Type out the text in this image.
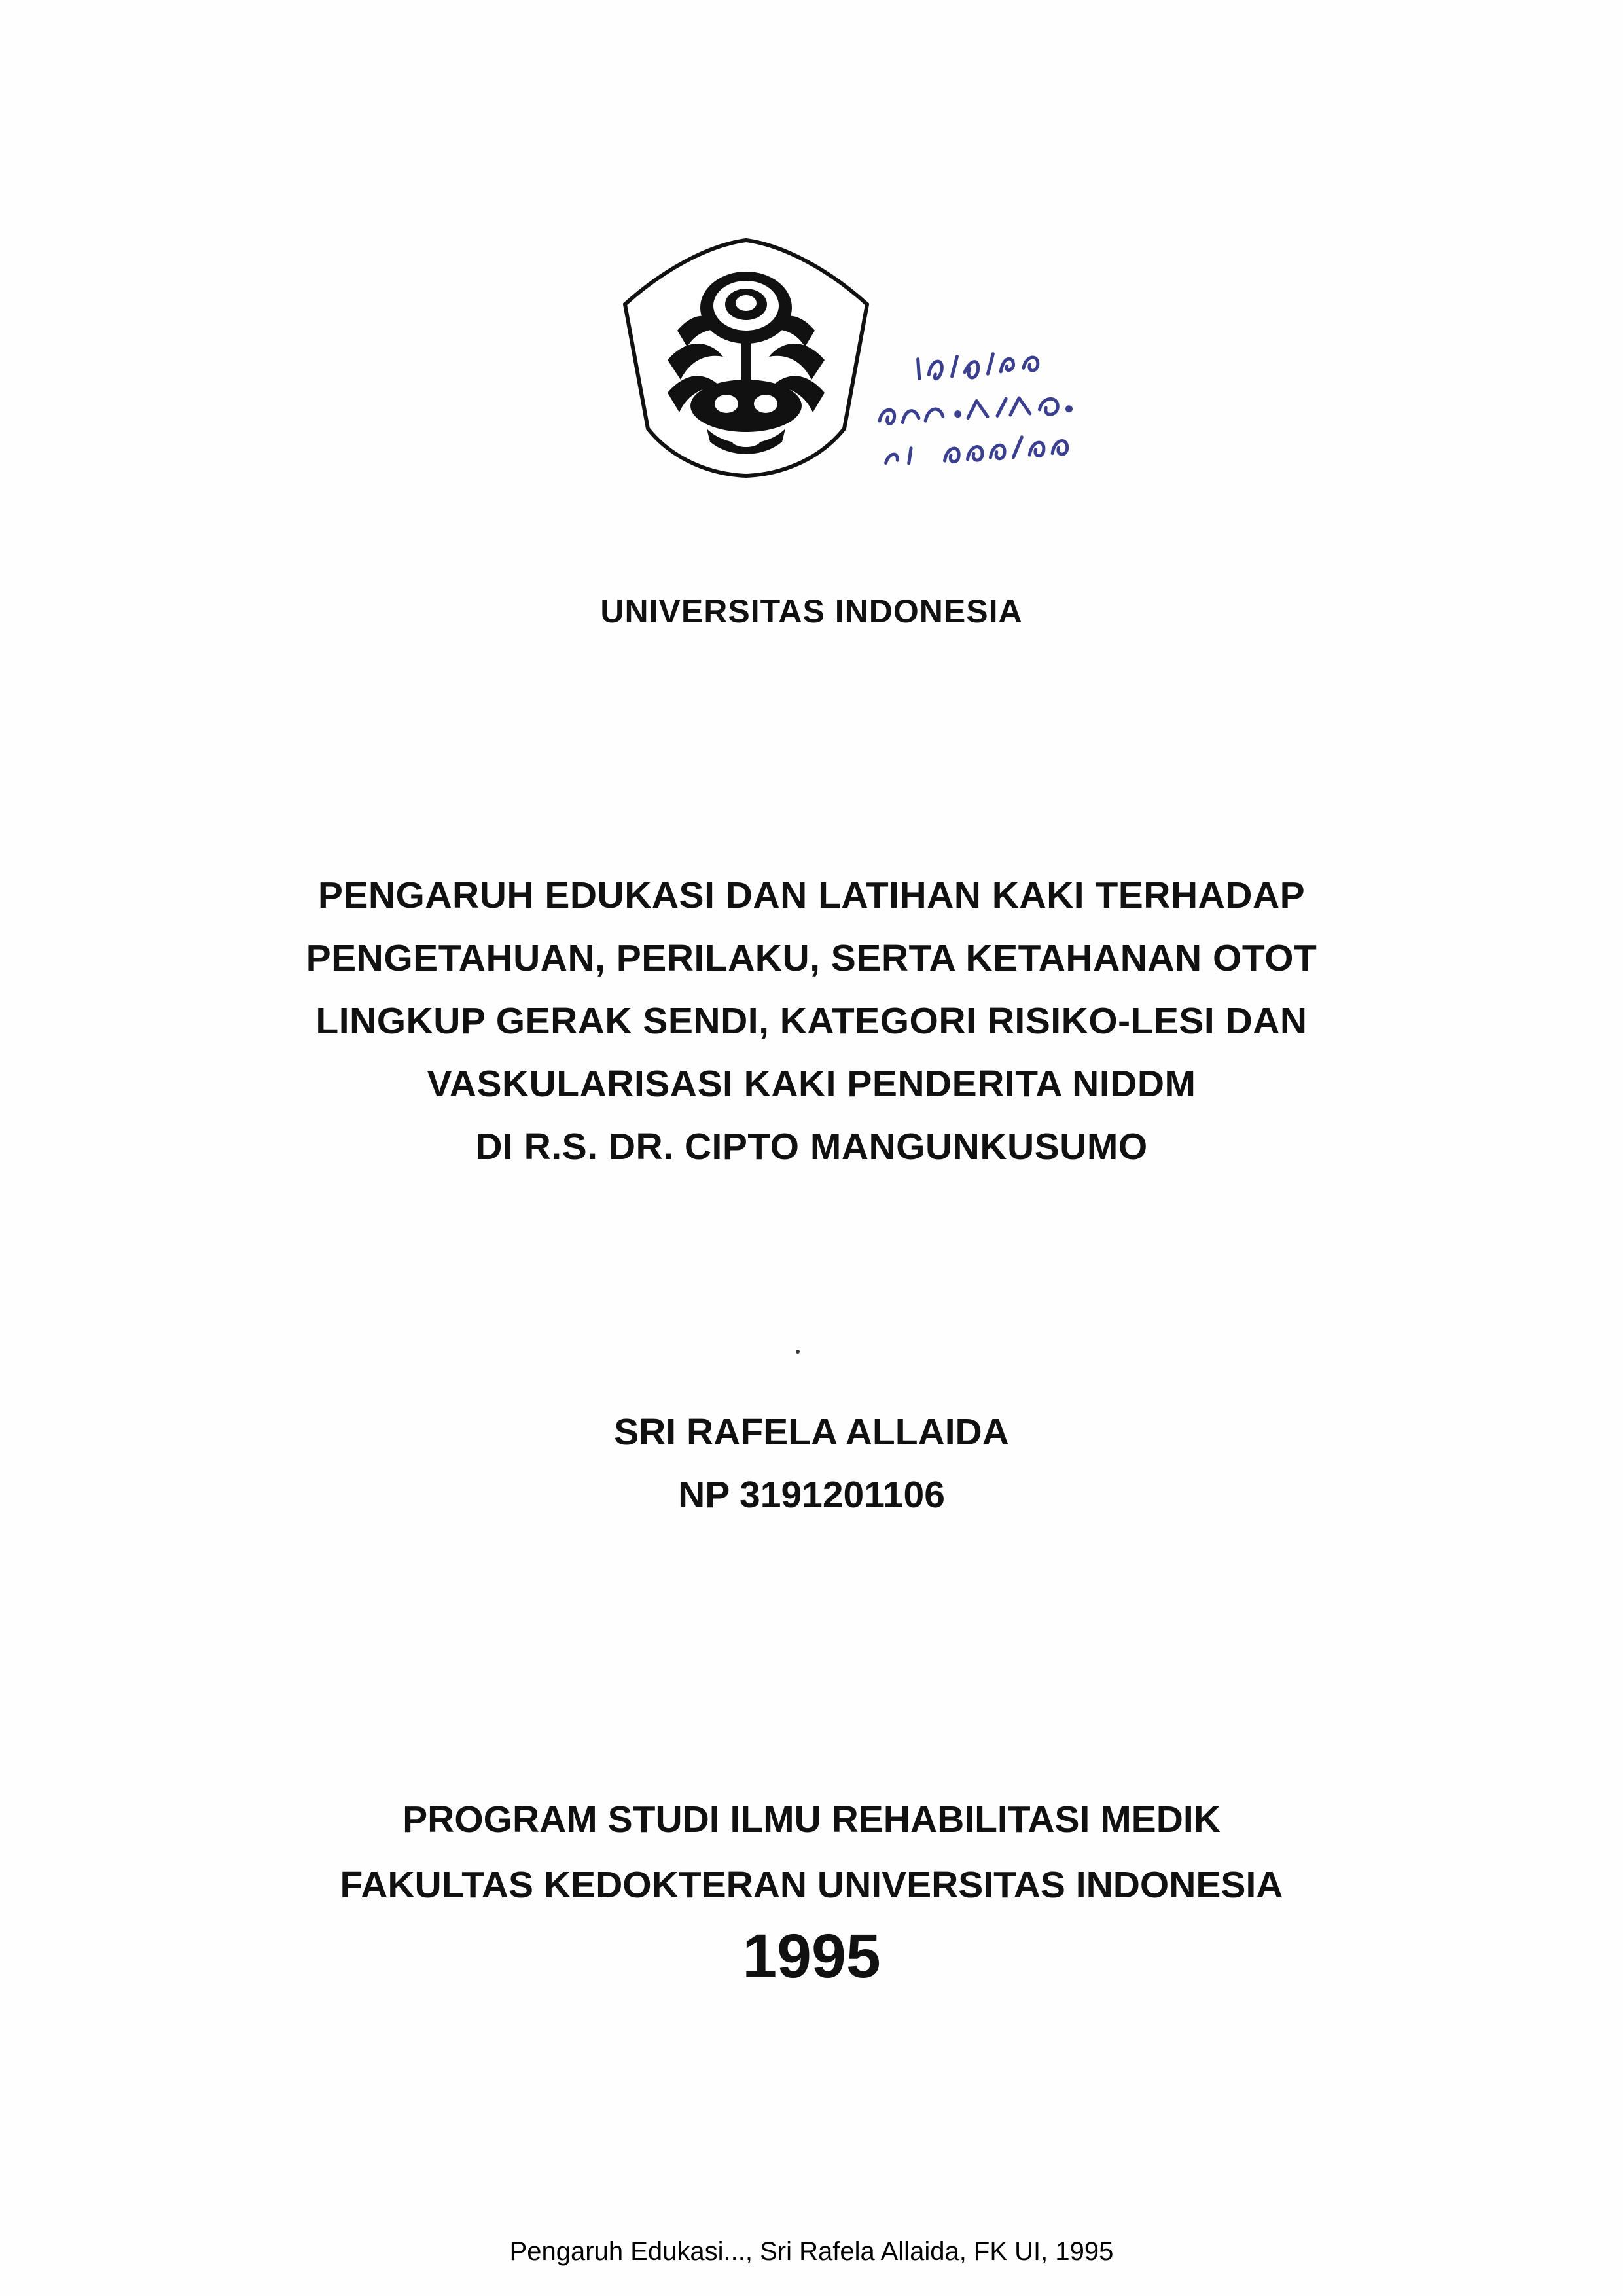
UNIVERSITAS INDONESIA
PENGARUH EDUKASI DAN LATIHAN KAKI TERHADAP
PENGETAHUAN, PERILAKU, SERTA KETAHANAN OTOT
LINGKUP GERAK SENDI, KATEGORI RISIKO-LESI DAN
VASKULARISASI KAKI PENDERITA NIDDM
DI R.S. DR. CIPTO MANGUNKUSUMO
SRI RAFELA ALLAIDA
NP 3191201106
PROGRAM STUDI ILMU REHABILITASI MEDIK
FAKULTAS KEDOKTERAN UNIVERSITAS INDONESIA
1995
Pengaruh Edukasi..., Sri Rafela Allaida, FK UI, 1995
